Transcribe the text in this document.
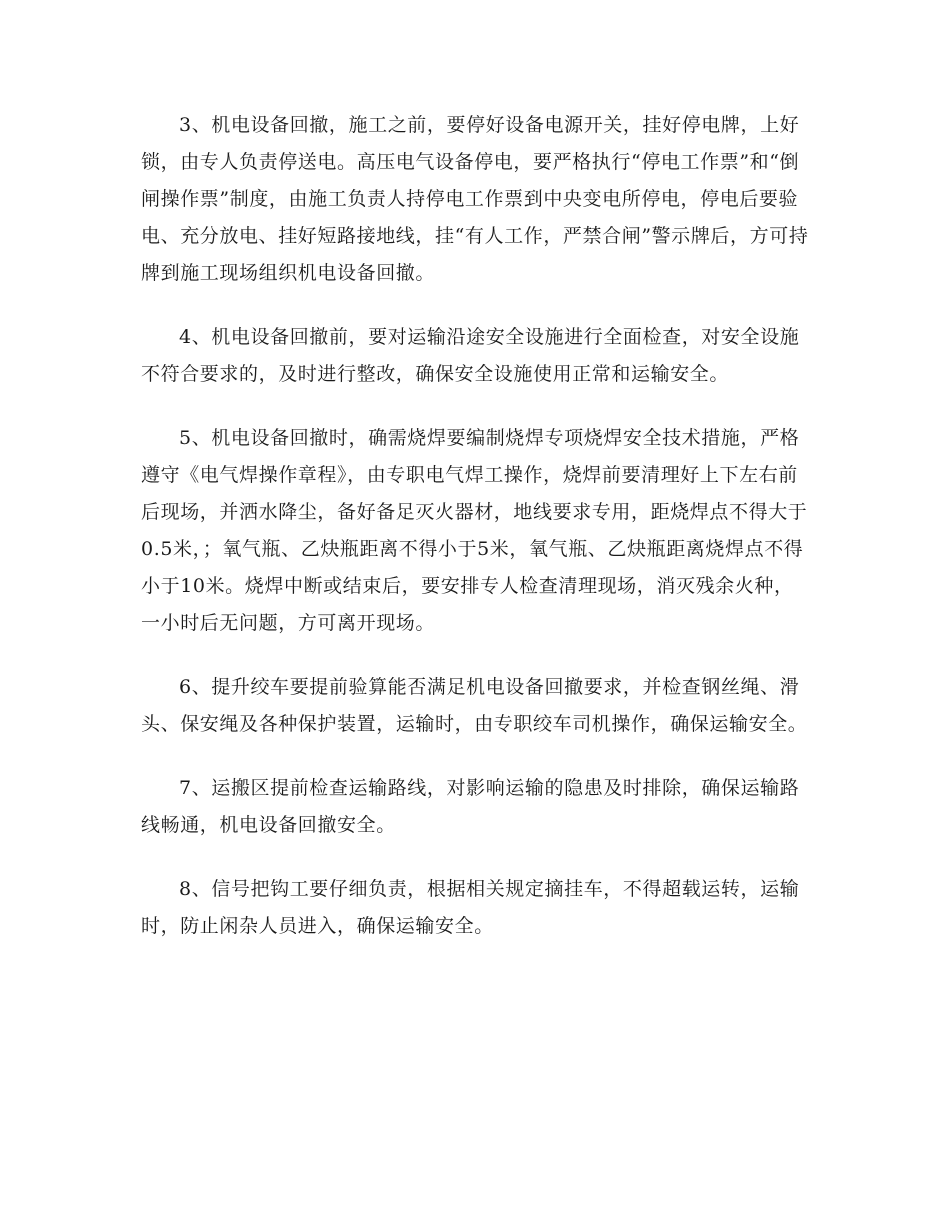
3、机电设备回撤，施工之前，要停好设备电源开关，挂好停电牌，上好锁，由专人负责停送电。高压电气设备停电，要严格执行“停电工作票”和“倒闸操作票”制度，由施工负责人持停电工作票到中央变电所停电，停电后要验电、充分放电、挂好短路接地线，挂“有人工作，严禁合闸”警示牌后，方可持牌到施工现场组织机电设备回撤。

4、机电设备回撤前，要对运输沿途安全设施进行全面检查，对安全设施不符合要求的，及时进行整改，确保安全设施使用正常和运输安全。

5、机电设备回撤时，确需烧焊要编制烧焊专项烧焊安全技术措施，严格遵守《电气焊操作章程》，由专职电气焊工操作，烧焊前要清理好上下左右前后现场，并洒水降尘，备好备足灭火器材，地线要求专用，距烧焊点不得大于0.5米，；氧气瓶、乙炔瓶距离不得小于5米，氧气瓶、乙炔瓶距离烧焊点不得小于10米。烧焊中断或结束后，要安排专人检查清理现场，消灭残余火种，一小时后无问题，方可离开现场。

6、提升绞车要提前验算能否满足机电设备回撤要求，并检查钢丝绳、滑头、保安绳及各种保护装置，运输时，由专职绞车司机操作，确保运输安全。

7、运搬区提前检查运输路线，对影响运输的隐患及时排除，确保运输路线畅通，机电设备回撤安全。

8、信号把钩工要仔细负责，根据相关规定摘挂车，不得超载运转，运输时，防止闲杂人员进入，确保运输安全。
